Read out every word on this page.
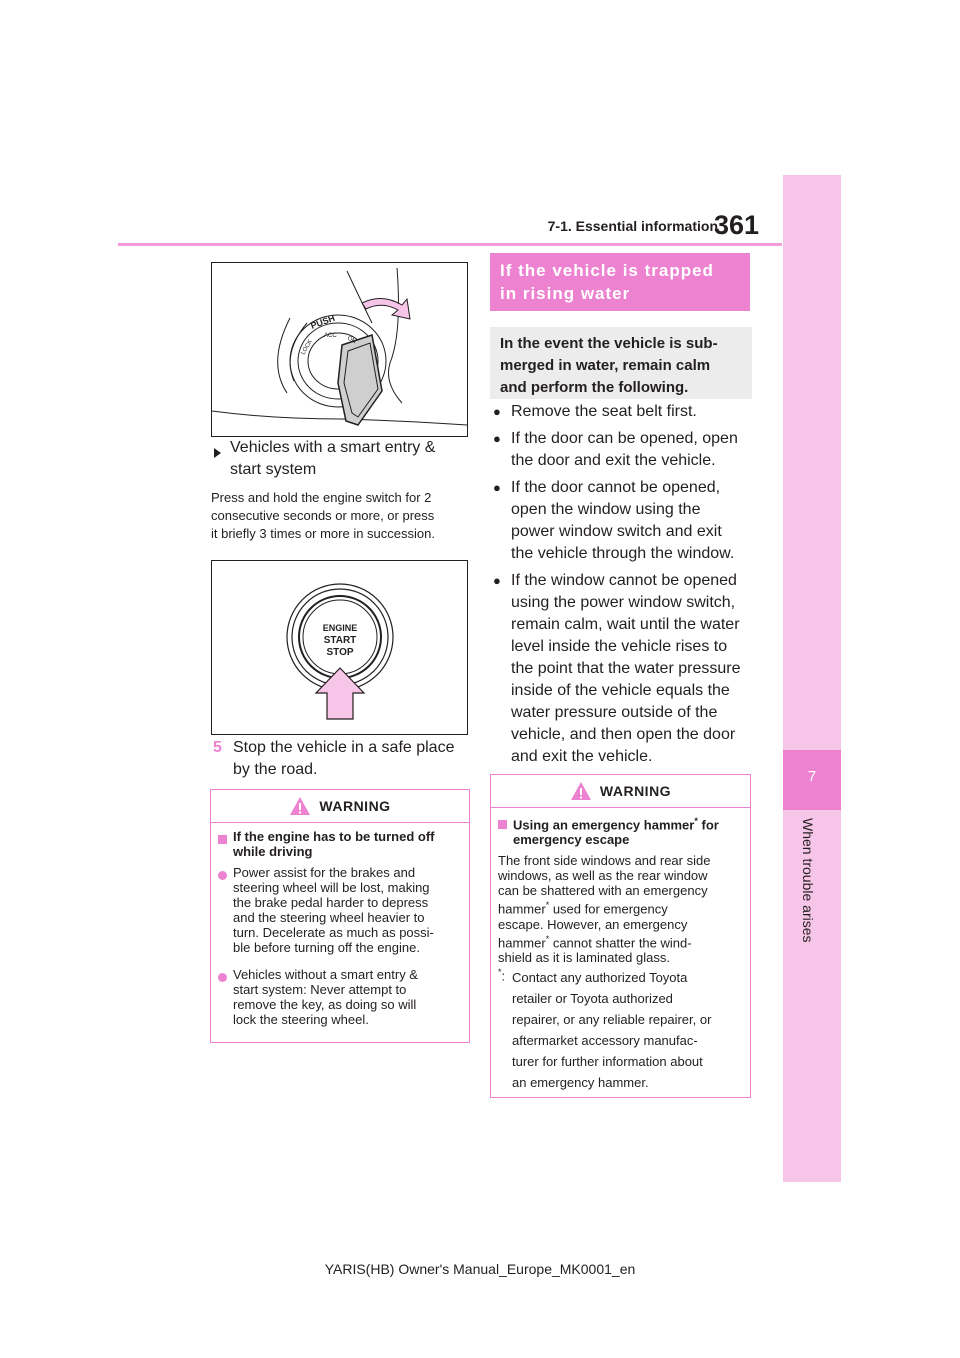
7-1. Essential information
361
7
When trouble arises
PUSH
LOCK
ACC ON
Vehicles with a smart entry &
start system
Press and hold the engine switch for 2
consecutive seconds or more, or press
it briefly 3 times or more in succession.
ENGINE
START
STOP
5 Stop the vehicle in a safe place
by the road.
WARNING
If the engine has to be turned off
while driving
Power assist for the brakes and
steering wheel will be lost, making
the brake pedal harder to depress
and the steering wheel heavier to
turn. Decelerate as much as possi-
ble before turning off the engine.
Vehicles without a smart entry &
start system: Never attempt to
remove the key, as doing so will
lock the steering wheel.
If the vehicle is trapped
in rising water
In the event the vehicle is sub-
merged in water, remain calm
and perform the following.
● Remove the seat belt first.
● If the door can be opened, open
the door and exit the vehicle.
● If the door cannot be opened,
open the window using the
power window switch and exit
the vehicle through the window.
● If the window cannot be opened
using the power window switch,
remain calm, wait until the water
level inside the vehicle rises to
the point that the water pressure
inside of the vehicle equals the
water pressure outside of the
vehicle, and then open the door
and exit the vehicle.
WARNING
Using an emergency hammer* for
emergency escape
The front side windows and rear side
windows, as well as the rear window
can be shattered with an emergency
hammer* used for emergency
escape. However, an emergency
hammer* cannot shatter the wind-
shield as it is laminated glass.
*: Contact any authorized Toyota
retailer or Toyota authorized
repairer, or any reliable repairer, or
aftermarket accessory manufac-
turer for further information about
an emergency hammer.
YARIS(HB) Owner's Manual_Europe_MK0001_en
